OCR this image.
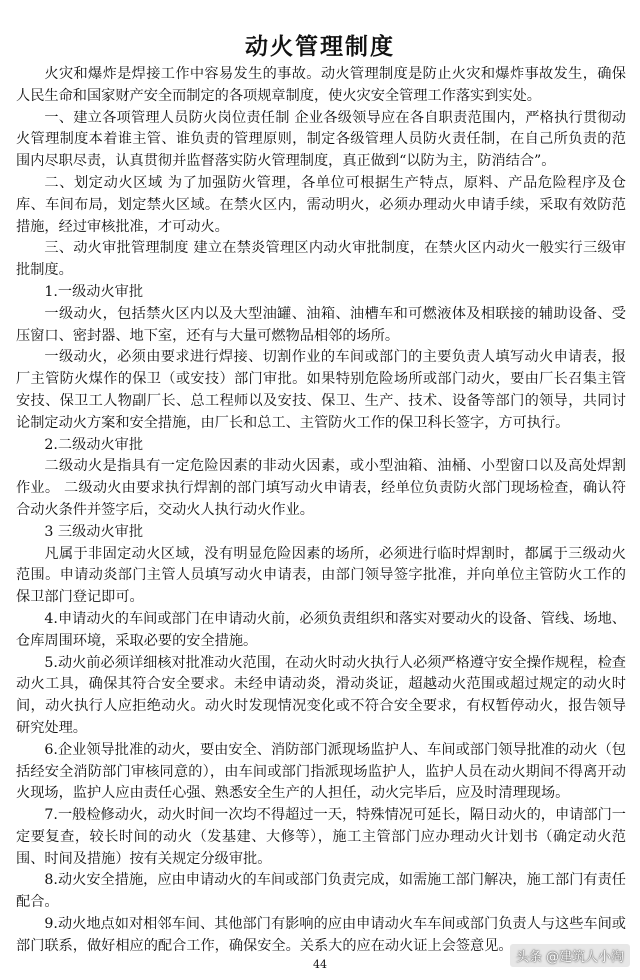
动火管理制度

火灾和爆炸是焊接工作中容易发生的事故。动火管理制度是防止火灾和爆炸事故发生，确保人民生命和国家财产安全而制定的各项规章制度，使火灾安全管理工作落实到实处。

一、建立各项管理人员防火岗位责任制 企业各级领导应在各自职责范围内，严格执行贯彻动火管理制度本着谁主管、谁负责的管理原则，制定各级管理人员防火责任制，在自己所负责的范围内尽职尽责，认真贯彻并监督落实防火管理制度，真正做到“以防为主，防消结合”。

二、划定动火区域 为了加强防火管理，各单位可根据生产特点，原料、产品危险程序及仓库、车间布局，划定禁火区域。在禁火区内，需动明火，必须办理动火申请手续，采取有效防范措施，经过审核批准，才可动火。

三、动火审批管理制度 建立在禁炎管理区内动火审批制度，在禁火区内动火一般实行三级审批制度。

1.一级动火审批

一级动火，包括禁火区内以及大型油罐、油箱、油槽车和可燃液体及相联接的辅助设备、受压窗口、密封器、地下室，还有与大量可燃物品相邻的场所。

一级动火，必须由要求进行焊接、切割作业的车间或部门的主要负责人填写动火申请表，报厂主管防火煤作的保卫（或安技）部门审批。如果特别危险场所或部门动火，要由厂长召集主管安技、保卫工人物副厂长、总工程师以及安技、保卫、生产、技术、设备等部门的领导，共同讨论制定动火方案和安全措施，由厂长和总工、主管防火工作的保卫科长签字，方可执行。

2.二级动火审批

二级动火是指具有一定危险因素的非动火因素，或小型油箱、油桶、小型窗口以及高处焊割作业。 二级动火由要求执行焊割的部门填写动火申请表，经单位负责防火部门现场检查，确认符合动火条件并签字后，交动火人执行动火作业。

3 三级动火审批

凡属于非固定动火区域，没有明显危险因素的场所，必须进行临时焊割时，都属于三级动火范围。申请动炎部门主管人员填写动火申请表，由部门领导签字批准，并向单位主管防火工作的保卫部门登记即可。

4.申请动火的车间或部门在申请动火前，必须负责组织和落实对要动火的设备、管线、场地、仓库周围环境，采取必要的安全措施。

5.动火前必须详细核对批准动火范围，在动火时动火执行人必须严格遵守安全操作规程，检查动火工具，确保其符合安全要求。未经申请动炎，滑动炎证，超越动火范围或超过规定的动火时间，动火执行人应拒绝动火。动火时发现情况变化或不符合安全要求，有权暂停动火，报告领导研究处理。

6.企业领导批准的动火，要由安全、消防部门派现场监护人、车间或部门领导批准的动火（包括经安全消防部门审核同意的），由车间或部门指派现场监护人，监护人员在动火期间不得离开动火现场，监护人应由责任心强、熟悉安全生产的人担任，动火完毕后，应及时清理现场。

7.一般检修动火，动火时间一次均不得超过一天，特殊情况可延长，隔日动火的，申请部门一定要复查，较长时间的动火（发基建、大修等），施工主管部门应办理动火计划书（确定动火范围、时间及措施）按有关规定分级审批。

8.动火安全措施，应由申请动火的车间或部门负责完成，如需施工部门解决，施工部门有责任配合。

9.动火地点如对相邻车间、其他部门有影响的应由申请动火车车间或部门负责人与这些车间或部门联系，做好相应的配合工作，确保安全。关系大的应在动火证上会签意见。

44	头条 @建筑人小淘
